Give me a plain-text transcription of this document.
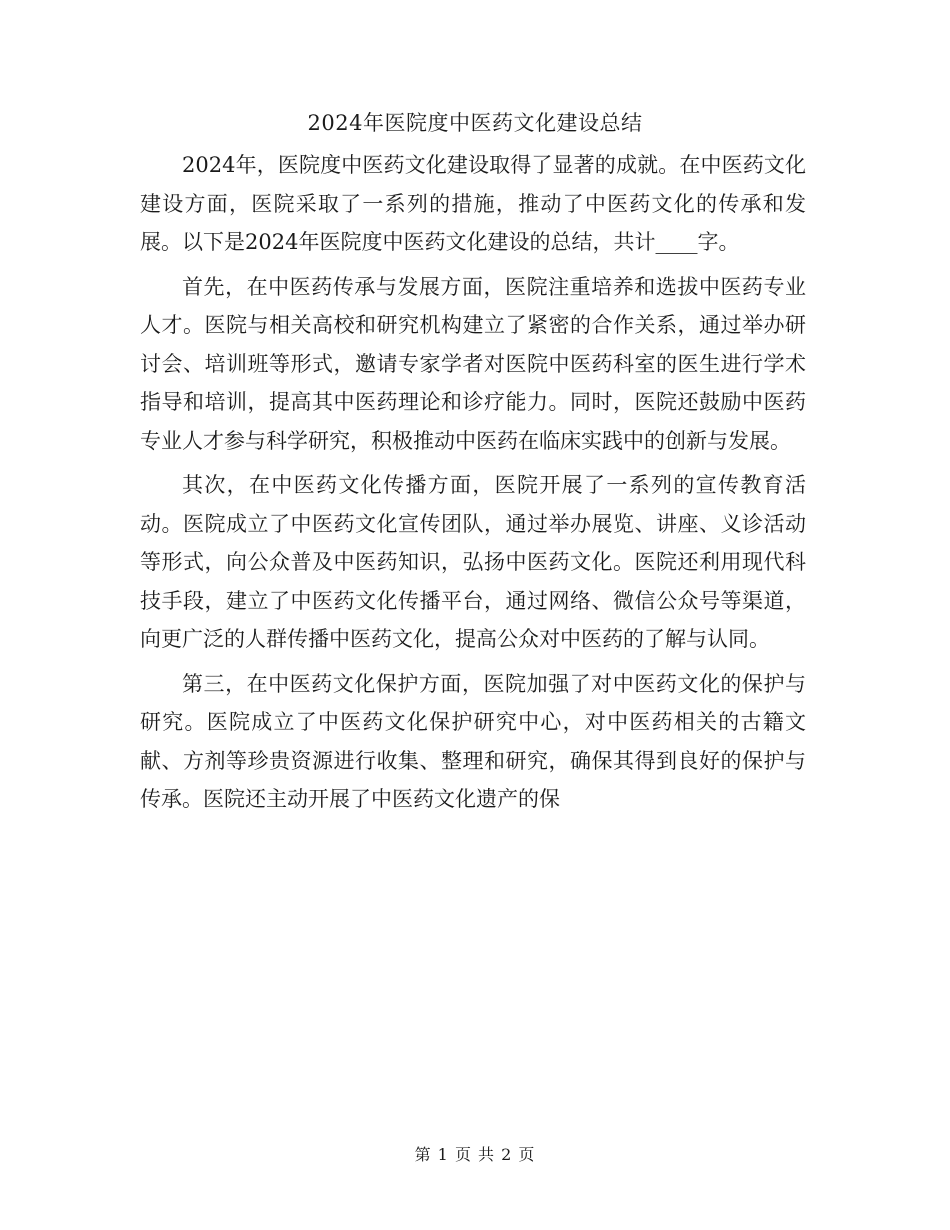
2024年医院度中医药文化建设总结

2024年，医院度中医药文化建设取得了显著的成就。在中医药文化建设方面，医院采取了一系列的措施，推动了中医药文化的传承和发展。以下是2024年医院度中医药文化建设的总结，共计____字。

首先，在中医药传承与发展方面，医院注重培养和选拔中医药专业人才。医院与相关高校和研究机构建立了紧密的合作关系，通过举办研讨会、培训班等形式，邀请专家学者对医院中医药科室的医生进行学术指导和培训，提高其中医药理论和诊疗能力。同时，医院还鼓励中医药专业人才参与科学研究，积极推动中医药在临床实践中的创新与发展。

其次，在中医药文化传播方面，医院开展了一系列的宣传教育活动。医院成立了中医药文化宣传团队，通过举办展览、讲座、义诊活动等形式，向公众普及中医药知识，弘扬中医药文化。医院还利用现代科技手段，建立了中医药文化传播平台，通过网络、微信公众号等渠道，向更广泛的人群传播中医药文化，提高公众对中医药的了解与认同。

第三，在中医药文化保护方面，医院加强了对中医药文化的保护与研究。医院成立了中医药文化保护研究中心，对中医药相关的古籍文献、方剂等珍贵资源进行收集、整理和研究，确保其得到良好的保护与传承。医院还主动开展了中医药文化遗产的保

第 1 页 共 2 页
